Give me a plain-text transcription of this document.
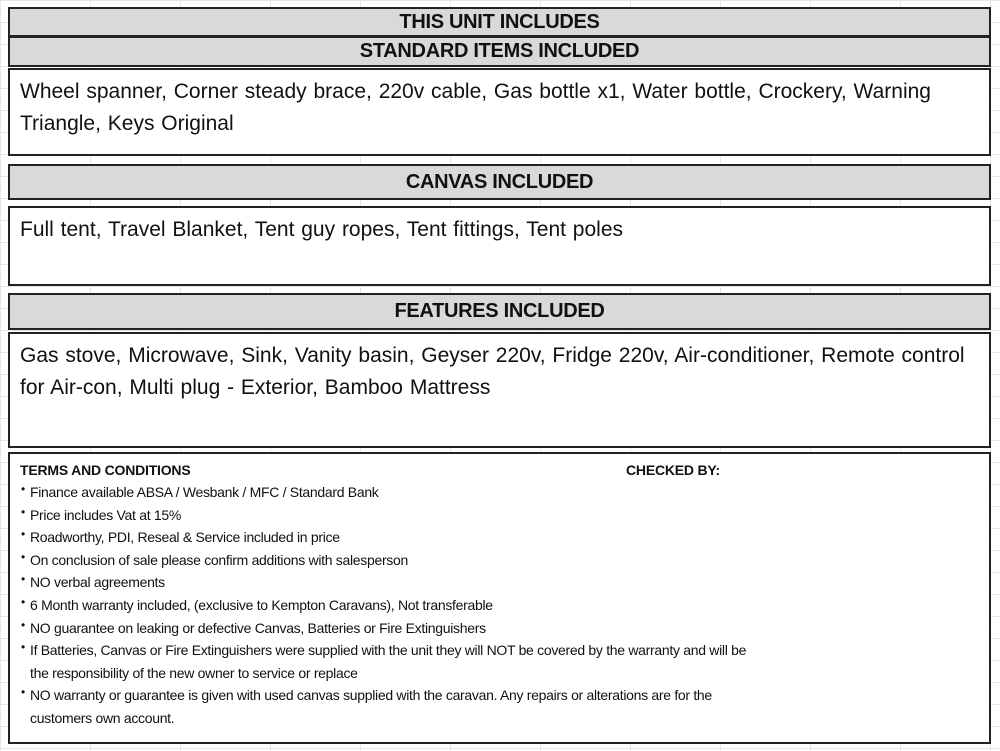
THIS UNIT INCLUDES
STANDARD ITEMS INCLUDED
Wheel spanner, Corner steady brace, 220v cable, Gas bottle x1, Water bottle, Crockery, Warning Triangle, Keys Original
CANVAS INCLUDED
Full tent, Travel Blanket, Tent guy ropes, Tent fittings, Tent poles
FEATURES INCLUDED
Gas stove, Microwave, Sink, Vanity basin, Geyser 220v, Fridge 220v, Air-conditioner, Remote control for Air-con, Multi plug - Exterior, Bamboo Mattress
TERMS AND CONDITIONS	CHECKED BY:
• Finance available ABSA / Wesbank / MFC / Standard Bank
• Price includes Vat at 15%
• Roadworthy, PDI, Reseal & Service included in price
• On conclusion of sale please confirm additions with salesperson
• NO verbal agreements
• 6 Month warranty included, (exclusive to Kempton Caravans), Not transferable
• NO guarantee on leaking or defective Canvas, Batteries or Fire Extinguishers
• If Batteries, Canvas or Fire Extinguishers were supplied with the unit they will NOT be covered by the warranty and will be the responsibility of the new owner to service or replace
• NO warranty or guarantee is given with used canvas supplied with the caravan. Any repairs or alterations are for the customers own account.
